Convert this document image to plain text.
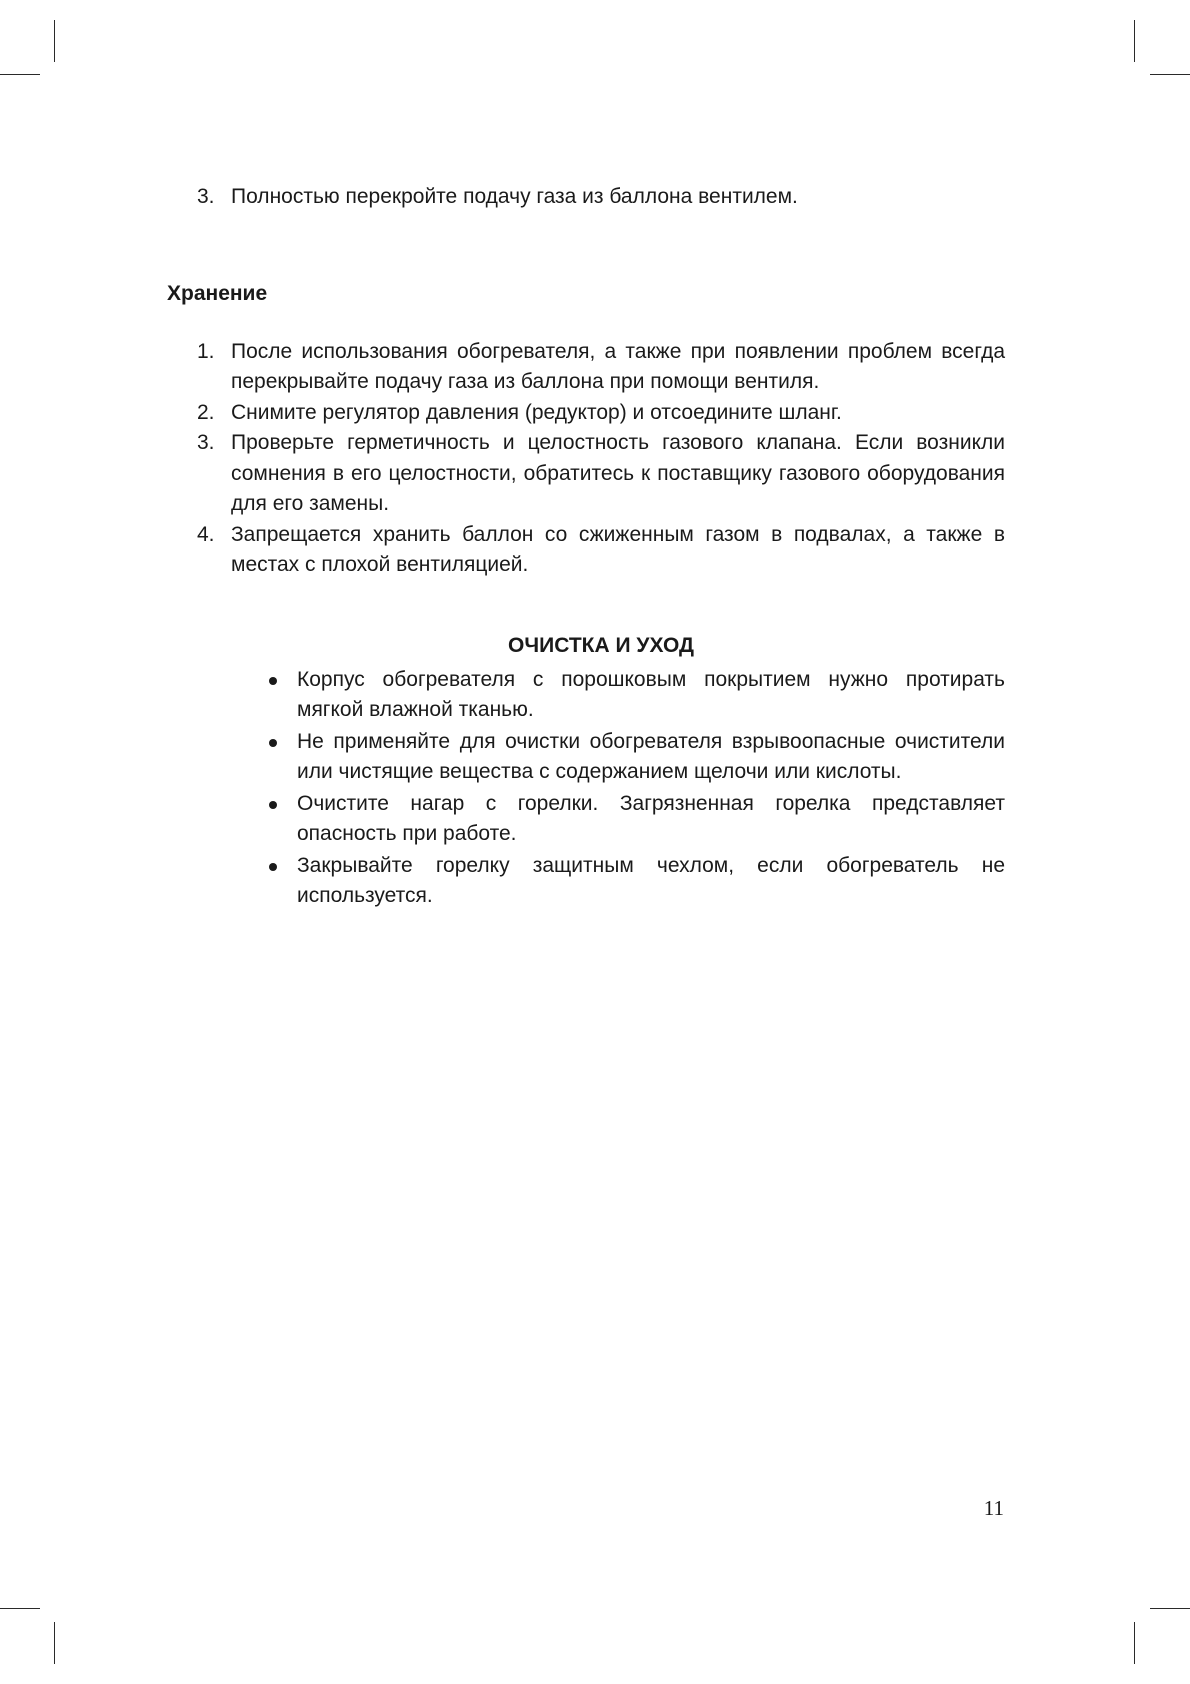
3. Полностью перекройте подачу газа из баллона вентилем.
Хранение
1. После использования обогревателя, а также при появлении проблем всегда перекрывайте подачу газа из баллона при помощи вентиля.
2. Снимите регулятор давления (редуктор) и отсоедините шланг.
3. Проверьте герметичность и целостность газового клапана. Если возникли сомнения в его целостности, обратитесь к поставщику газового оборудования для его замены.
4. Запрещается хранить баллон со сжиженным газом в подвалах, а также в местах с плохой вентиляцией.
ОЧИСТКА И УХОД
Корпус обогревателя с порошковым покрытием нужно протирать мягкой влажной тканью.
Не применяйте для очистки обогревателя взрывоопасные очистители или чистящие вещества с содержанием щелочи или кислоты.
Очистите нагар с горелки. Загрязненная горелка представляет опасность при работе.
Закрывайте горелку защитным чехлом, если обогреватель не используется.
11
